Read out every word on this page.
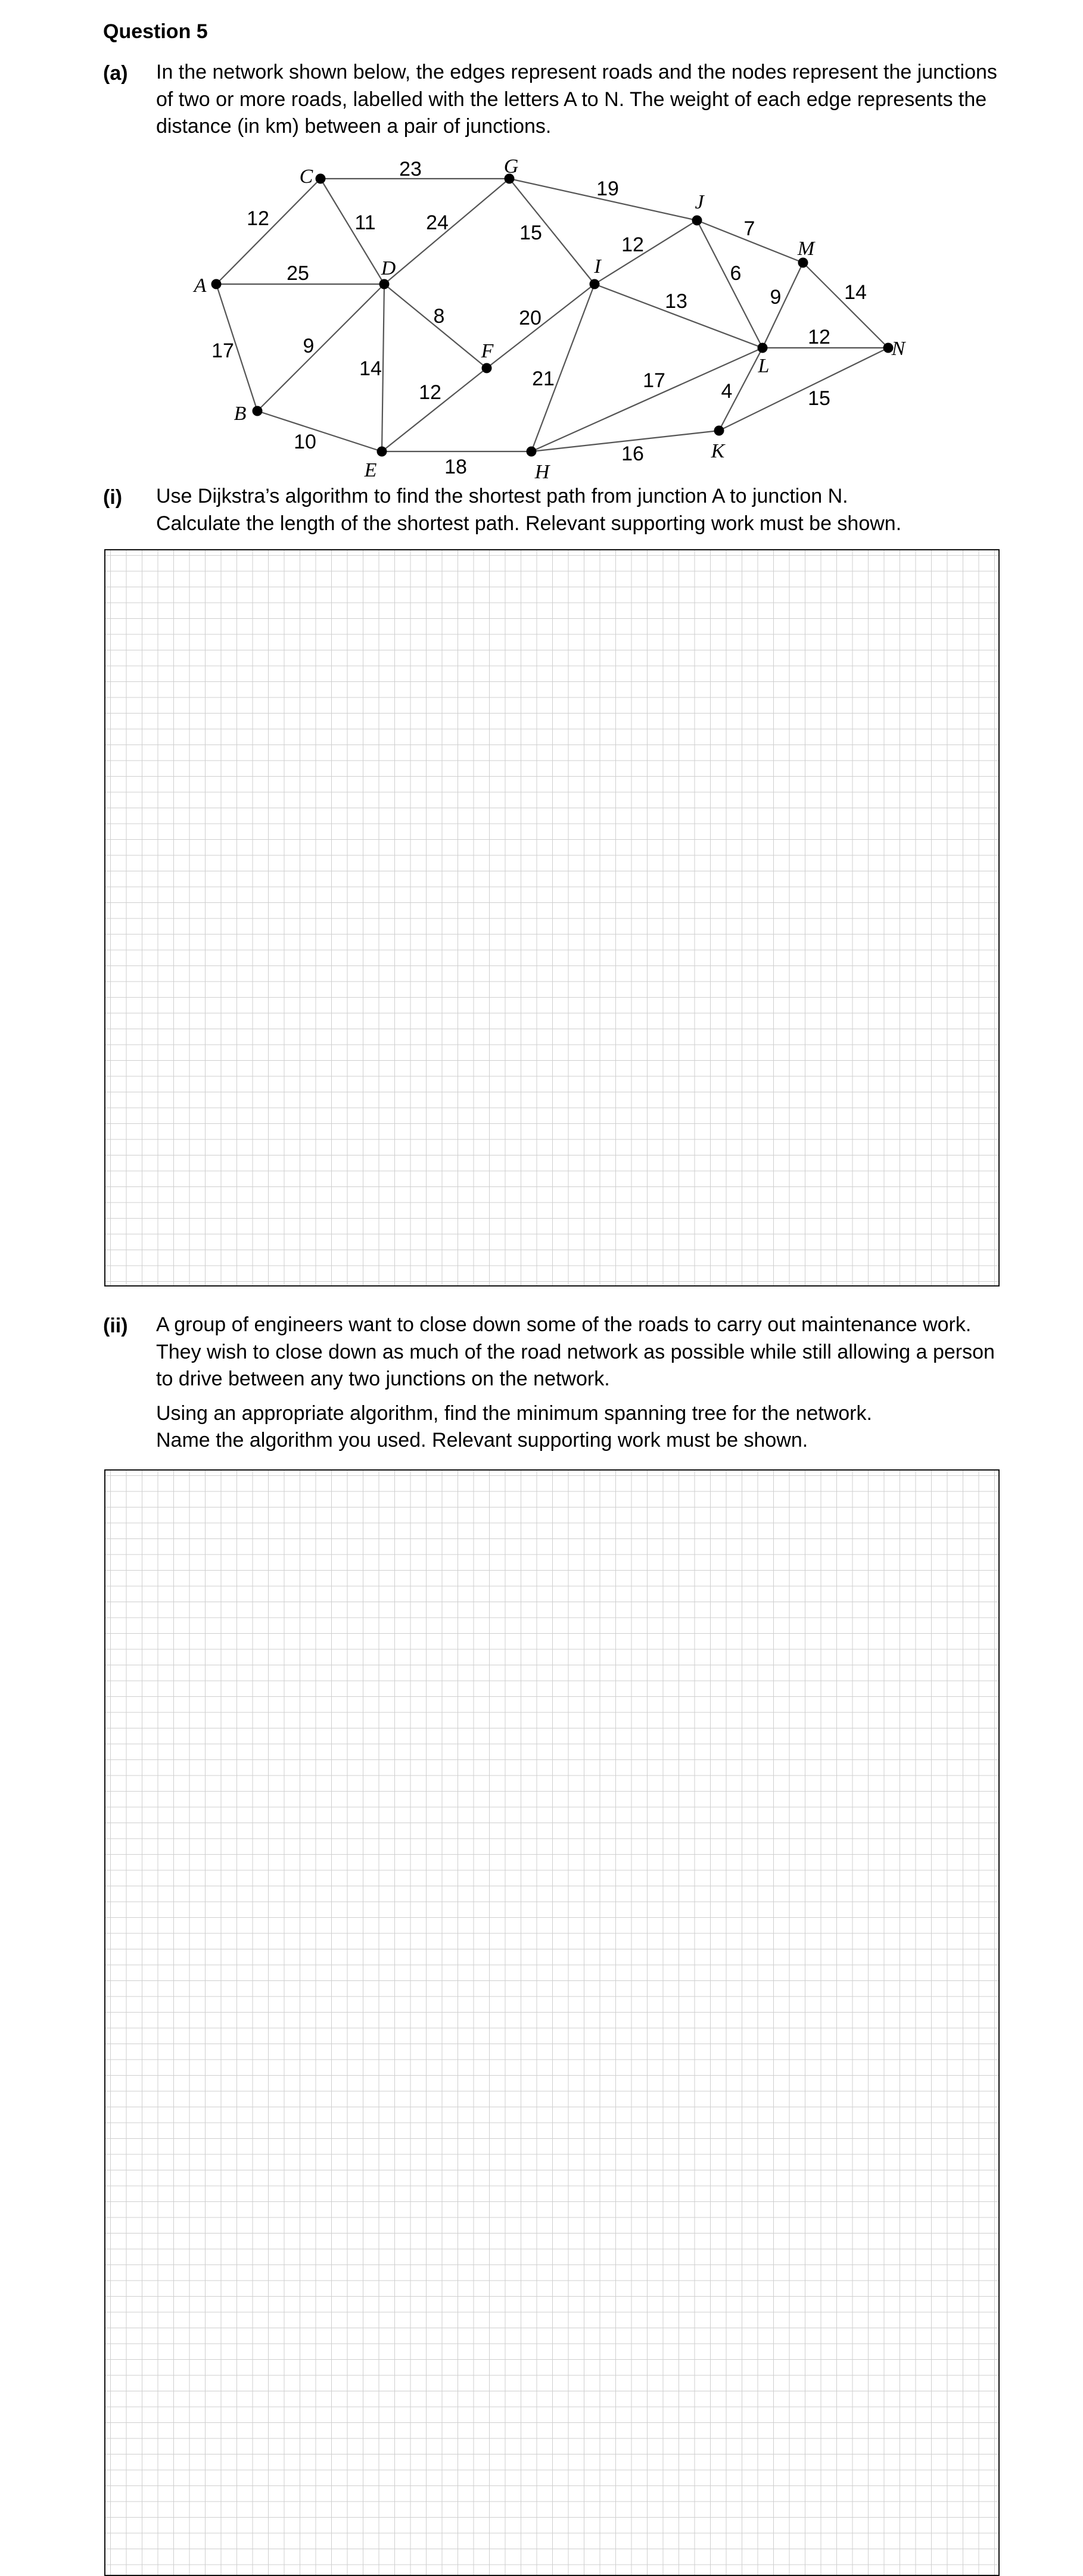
Question 5
(a) In the network shown below, the edges represent roads and the nodes represent the junctions of two or more roads, labelled with the letters A to N. The weight of each edge represents the distance (in km) between a pair of junctions.

12
25
17
23
11
9
10
24
8
14
12
18
20
15
19
12
21
13
7
6
9	14
12
17	4	15
16
A
B
C
D
E
F
G
H
I
J
K
L
M
N
(i) Use Dijkstra’s algorithm to find the shortest path from junction A to junction N.

Calculate the length of the shortest path. Relevant supporting work must be shown.

(ii) A group of engineers want to close down some of the roads to carry out maintenance work. They wish to close down as much of the road network as possible while still allowing a person to drive between any two junctions on the network.

Using an appropriate algorithm, find the minimum spanning tree for the network.

Name the algorithm you used. Relevant supporting work must be shown.
